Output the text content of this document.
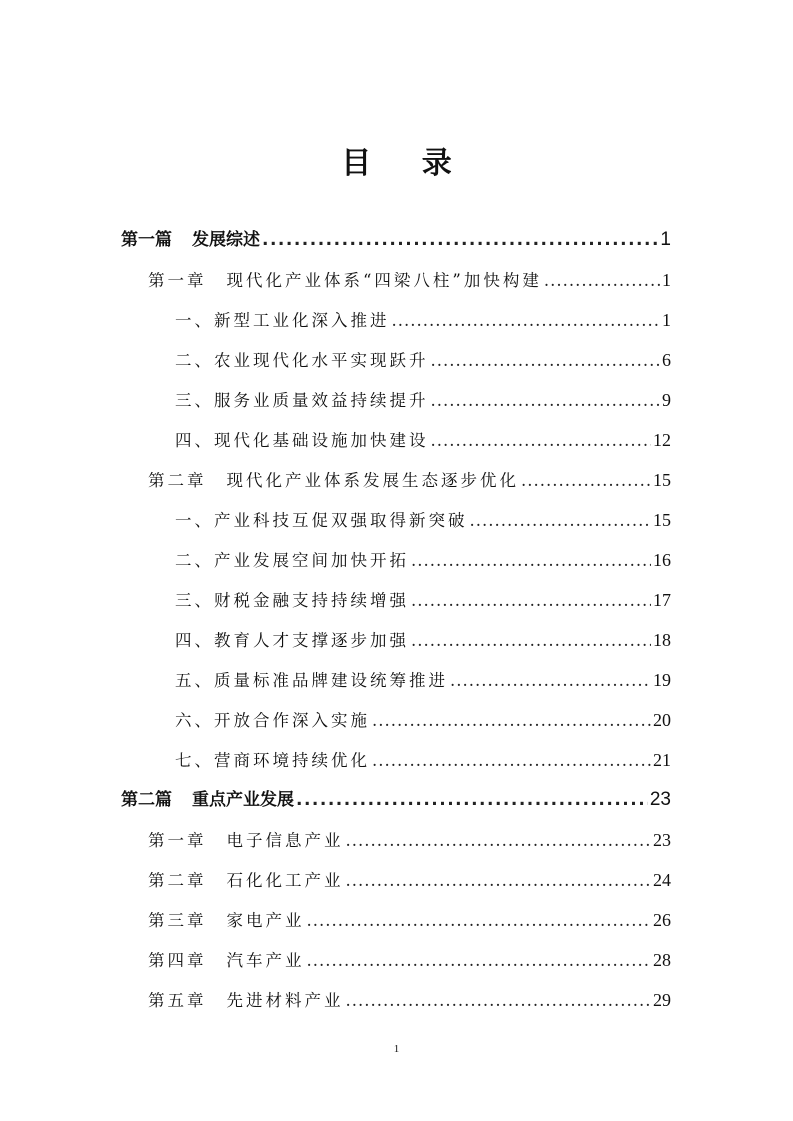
目 录
第一篇 发展综述 .....	1
第一章 现代化产业体系“四梁八柱”加快构建 .....	1
一、新型工业化深入推进 .....	1
二、农业现代化水平实现跃升 .....	6
三、服务业质量效益持续提升 .....	9
四、现代化基础设施加快建设 .....	12
第二章 现代化产业体系发展生态逐步优化 .....	15
一、产业科技互促双强取得新突破 .....	15
二、产业发展空间加快开拓 .....	16
三、财税金融支持持续增强 .....	17
四、教育人才支撑逐步加强 .....	18
五、质量标准品牌建设统筹推进 .....	19
六、开放合作深入实施 .....	20
七、营商环境持续优化 .....	21
第二篇 重点产业发展 .....	23
第一章 电子信息产业 .....	23
第二章 石化化工产业 .....	24
第三章 家电产业 .....	26
第四章 汽车产业 .....	28
第五章 先进材料产业 .....	29
1
